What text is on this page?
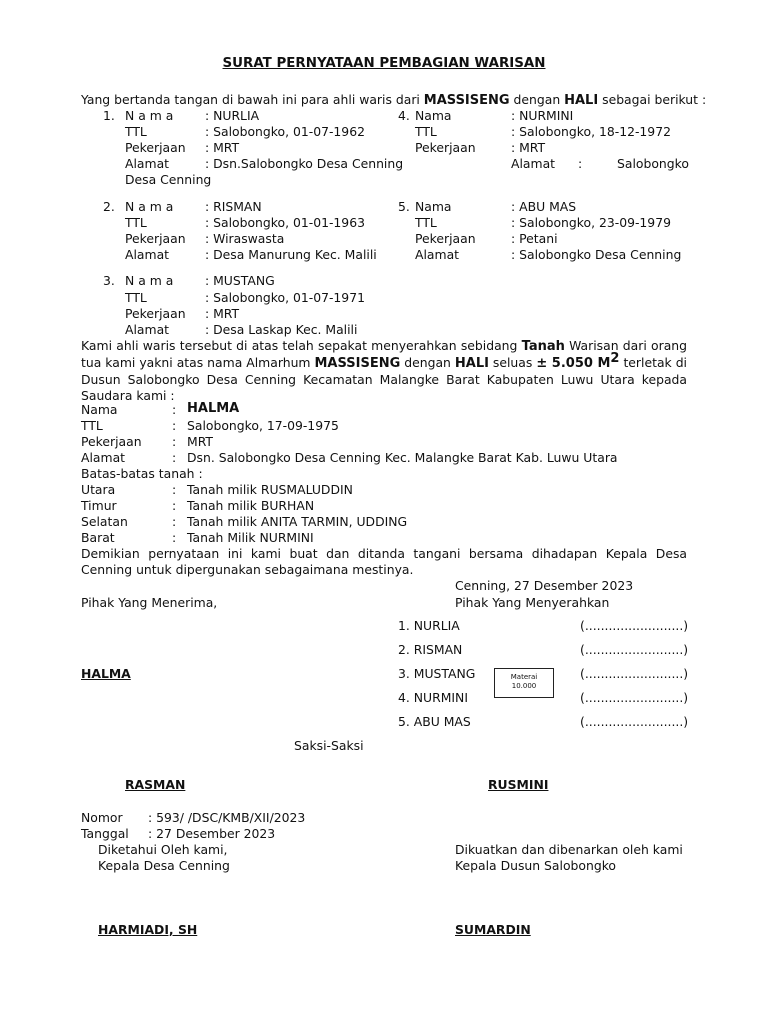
SURAT PERNYATAAN PEMBAGIAN WARISAN
Yang bertanda tangan di bawah ini para ahli waris dari MASSISENG dengan HALI sebagai berikut :
1. N a m a	: NURLIA
TTL	: Salobongko, 01-07-1962
Pekerjaan : MRT
Alamat	: Dsn.Salobongko Desa Cenning
Desa Cenning
4. Nama	: NURMINI
TTL	: Salobongko, 18-12-1972
Pekerjaan	: MRT
Alamat :	Salobongko
2. N a m a	: RISMAN
TTL	: Salobongko, 01-01-1963
Pekerjaan : Wiraswasta
Alamat	: Desa Manurung Kec. Malili
5. Nama	: ABU MAS
TTL	: Salobongko, 23-09-1979
Pekerjaan	: Petani
Alamat	: Salobongko Desa Cenning
3. N a m a	: MUSTANG
TTL	: Salobongko, 01-07-1971
Pekerjaan : MRT
Alamat	: Desa Laskap Kec. Malili
Kami ahli waris tersebut di atas telah sepakat menyerahkan sebidang Tanah Warisan dari orang tua kami yakni atas nama Almarhum MASSISENG dengan HALI seluas ± 5.050 $M^2$ terletak di Dusun Salobongko Desa Cenning Kecamatan Malangke Barat Kabupaten Luwu Utara kepada Saudara kami :
Nama	: HALMA
TTL	: Salobongko, 17-09-1975
Pekerjaan : MRT
Alamat	: Dsn. Salobongko Desa Cenning Kec. Malangke Barat Kab. Luwu Utara
Batas-batas tanah :
Utara	: Tanah milik RUSMALUDDIN
Timur	: Tanah milik BURHAN
Selatan	: Tanah milik ANITA TARMIN, UDDING
Barat	: Tanah Milik NURMINI
Demikian pernyataan ini kami buat dan ditanda tangani bersama dihadapan Kepala Desa Cenning untuk dipergunakan sebagaimana mestinya.
Cenning, 27 Desember 2023
Pihak Yang Menerima,	Pihak Yang Menyerahkan
HALMA
1. NURLIA	(.........................)
2. RISMAN	(.........................)
3. MUSTANG	(.........................)
4. NURMINI	(.........................)
5. ABU MAS	(.........................)
Materai
10.000
Saksi-Saksi
RASMAN	RUSMINI
Nomor : 593/ /DSC/KMB/XII/2023
Tanggal : 27 Desember 2023
Diketahui Oleh kami,
Kepala Desa Cenning
HARMIADI, SH
Dikuatkan dan dibenarkan oleh kami
Kepala Dusun Salobongko
SUMARDIN
